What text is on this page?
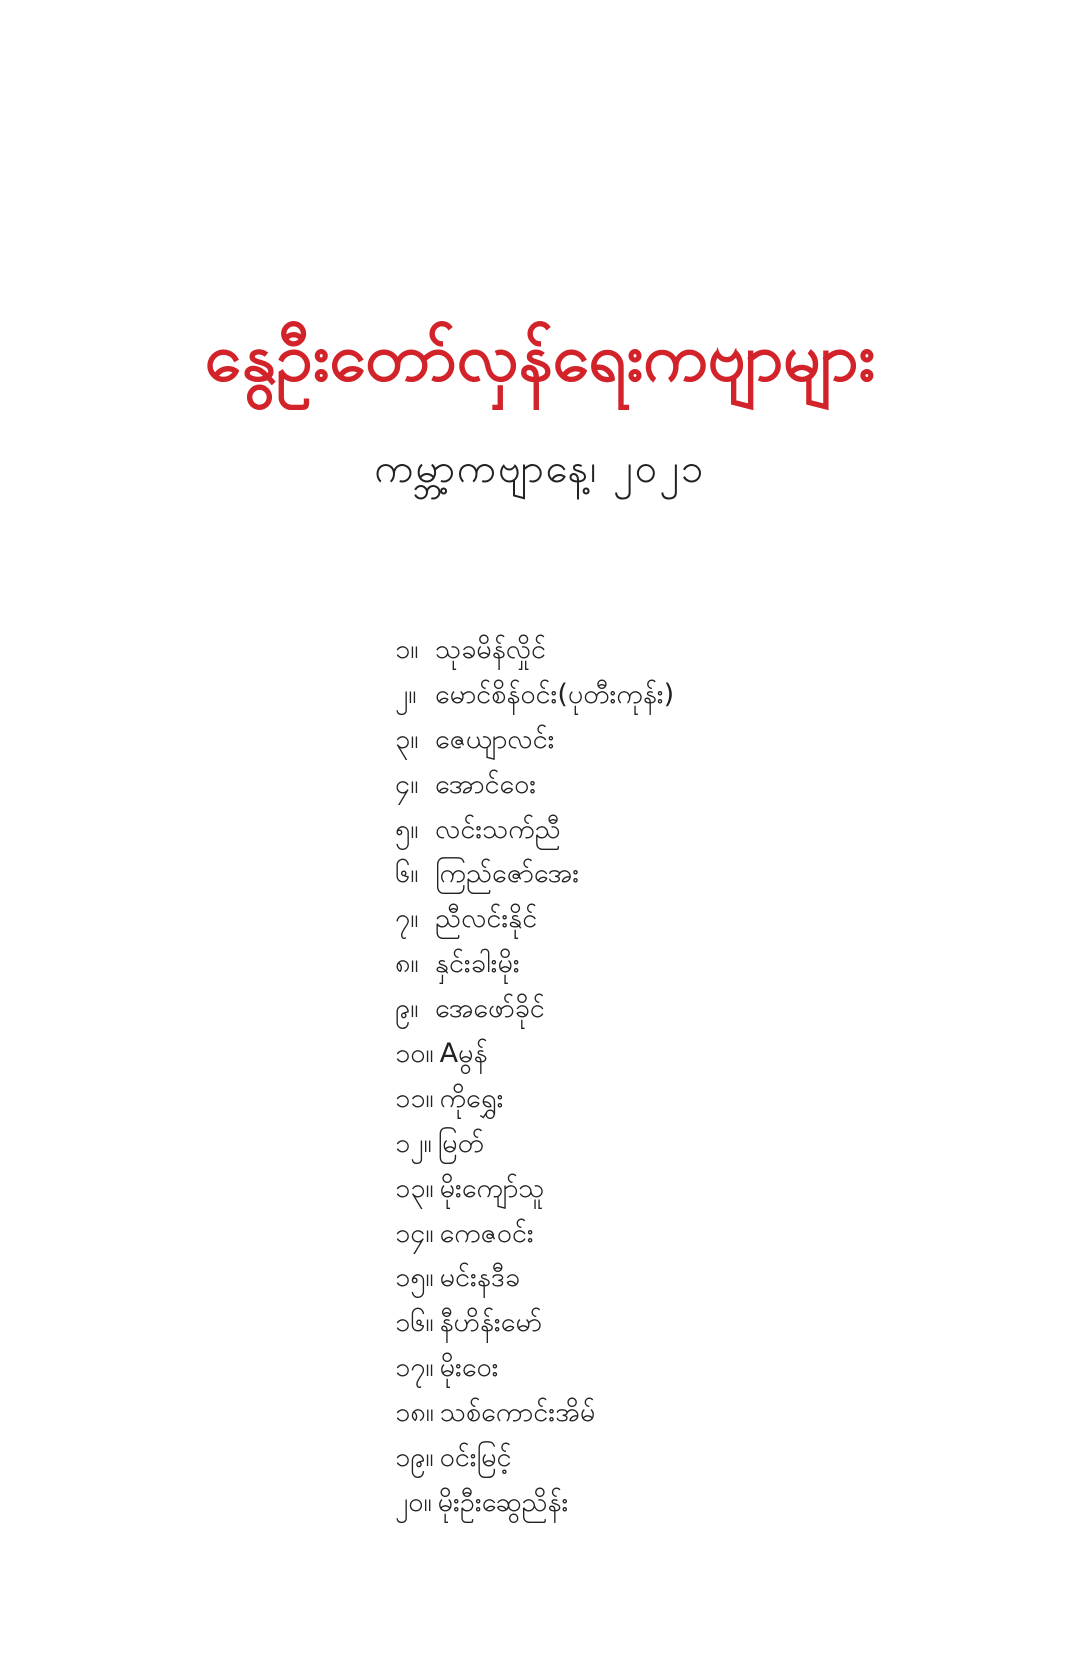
နွေဦးတော်လှန်ရေးကဗျာများ
ကမ္ဘာ့ကဗျာနေ့၊ ၂၀၂၁
၁။ သုခမိန်လှိုင်
၂။ မောင်စိန်ဝင်း(ပုတီးကုန်း)
၃။ ဇေယျာလင်း
၄။ အောင်ဝေး
၅။ လင်းသက်ညီ
၆။ ကြည်ဇော်အေး
၇။ ညီလင်းနိုင်
၈။ နှင်းခါးမိုး
၉။ အေဖော်ခိုင်
၁၀။ Aမွန်
၁၁။ ကိုရွှေး
၁၂။ မြတ်
၁၃။ မိုးကျော်သူ
၁၄။ ကေဇဝင်း
၁၅။ မင်းနဒီခ
၁၆။ နီဟိန်းမော်
၁၇။ မိုးဝေး
၁၈။ သစ်ကောင်းအိမ်
၁၉။ ဝင်းမြင့်
၂၀။ မိုးဦးဆွေညိန်း
